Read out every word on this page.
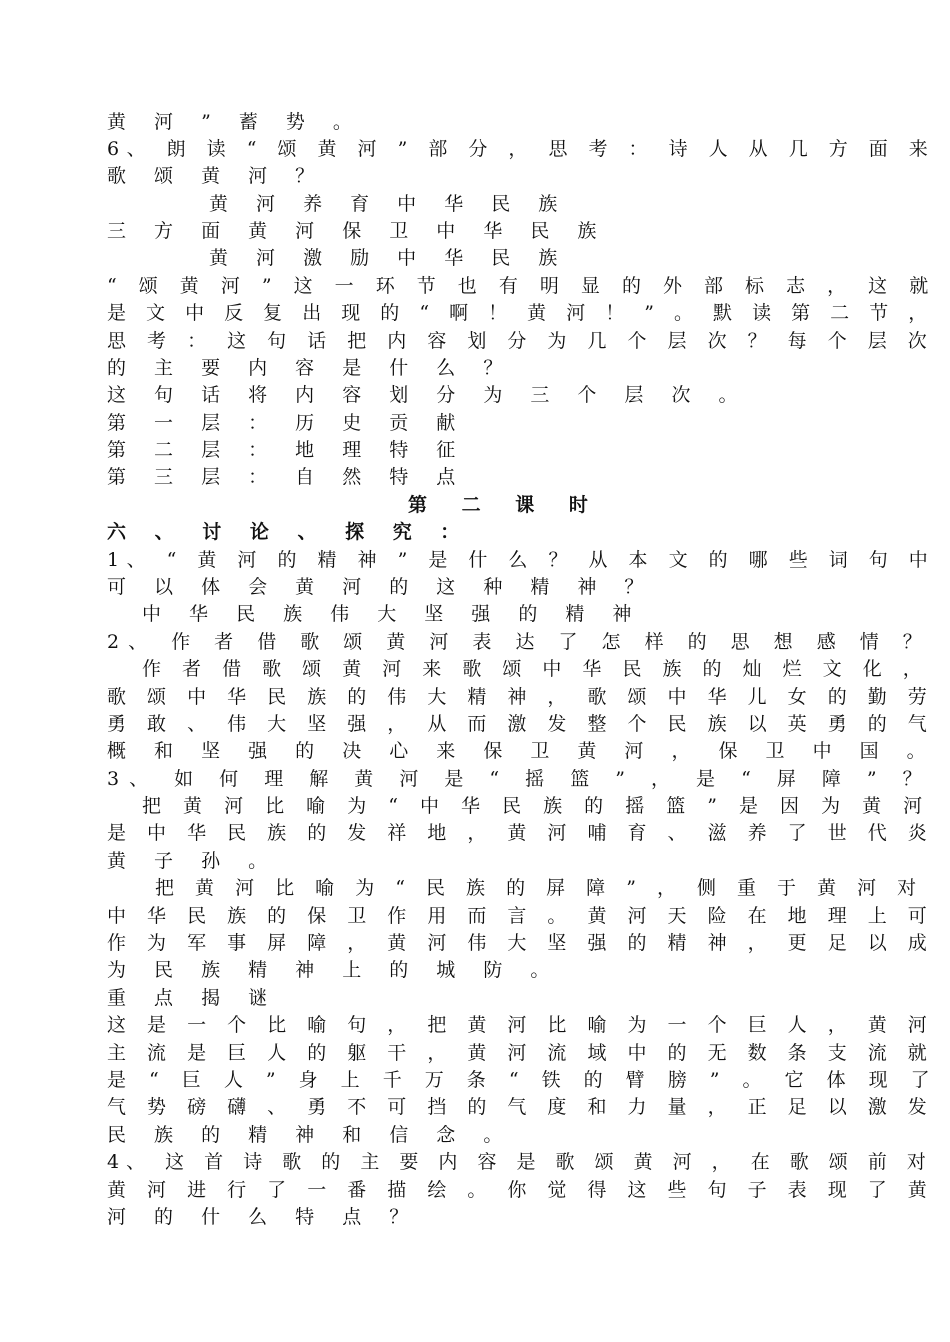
黄 河 ” 蓄 势 。
6、 朗 读 “ 颂 黄 河 ” 部 分 ， 思 考 ： 诗 人 从 几 方 面 来
歌 颂 黄 河 ？
黄 河 养 育 中 华 民 族
三 方 面 黄 河 保 卫 中 华 民 族
黄 河 激 励 中 华 民 族
“ 颂 黄 河 ” 这 一 环 节 也 有 明 显 的 外 部 标 志 ， 这 就
是 文 中 反 复 出 现 的 “ 啊 ！ 黄 河 ！ ” 。 默 读 第 二 节 ，
思 考 ： 这 句 话 把 内 容 划 分 为 几 个 层 次 ？ 每 个 层 次
的 主 要 内 容 是 什 么 ？
这 句 话 将 内 容 划 分 为 三 个 层 次 。
第 一 层 ： 历 史 贡 献
第 二 层 ： 地 理 特 征
第 三 层 ： 自 然 特 点
第 二 课 时
六 、 讨 论 、 探 究 ：
1、 “ 黄 河 的 精 神 ” 是 什 么 ？ 从 本 文 的 哪 些 词 句 中
可 以 体 会 黄 河 的 这 种 精 神 ？
中 华 民 族 伟 大 坚 强 的 精 神
2、 作 者 借 歌 颂 黄 河 表 达 了 怎 样 的 思 想 感 情 ？
作 者 借 歌 颂 黄 河 来 歌 颂 中 华 民 族 的 灿 烂 文 化 ，
歌 颂 中 华 民 族 的 伟 大 精 神 ， 歌 颂 中 华 儿 女 的 勤 劳
勇 敢 、 伟 大 坚 强 ， 从 而 激 发 整 个 民 族 以 英 勇 的 气
概 和 坚 强 的 决 心 来 保 卫 黄 河 ， 保 卫 中 国 。
3、 如 何 理 解 黄 河 是 “ 摇 篮 ” ， 是 “ 屏 障 ” ？
把 黄 河 比 喻 为 “ 中 华 民 族 的 摇 篮 ” 是 因 为 黄 河
是 中 华 民 族 的 发 祥 地 ， 黄 河 哺 育 、 滋 养 了 世 代 炎
黄 子 孙 。
把 黄 河 比 喻 为 “ 民 族 的 屏 障 ” ， 侧 重 于 黄 河 对
中 华 民 族 的 保 卫 作 用 而 言 。 黄 河 天 险 在 地 理 上 可
作 为 军 事 屏 障 ， 黄 河 伟 大 坚 强 的 精 神 ， 更 足 以 成
为 民 族 精 神 上 的 城 防 。
重 点 揭 谜
这 是 一 个 比 喻 句 ， 把 黄 河 比 喻 为 一 个 巨 人 ， 黄 河
主 流 是 巨 人 的 躯 干 ， 黄 河 流 域 中 的 无 数 条 支 流 就
是 “ 巨 人 ” 身 上 千 万 条 “ 铁 的 臂 膀 ” 。 它 体 现 了
气 势 磅 礴 、 勇 不 可 挡 的 气 度 和 力 量 ， 正 足 以 激 发
民 族 的 精 神 和 信 念 。
4、 这 首 诗 歌 的 主 要 内 容 是 歌 颂 黄 河 ， 在 歌 颂 前 对
黄 河 进 行 了 一 番 描 绘 。 你 觉 得 这 些 句 子 表 现 了 黄
河 的 什 么 特 点 ？
